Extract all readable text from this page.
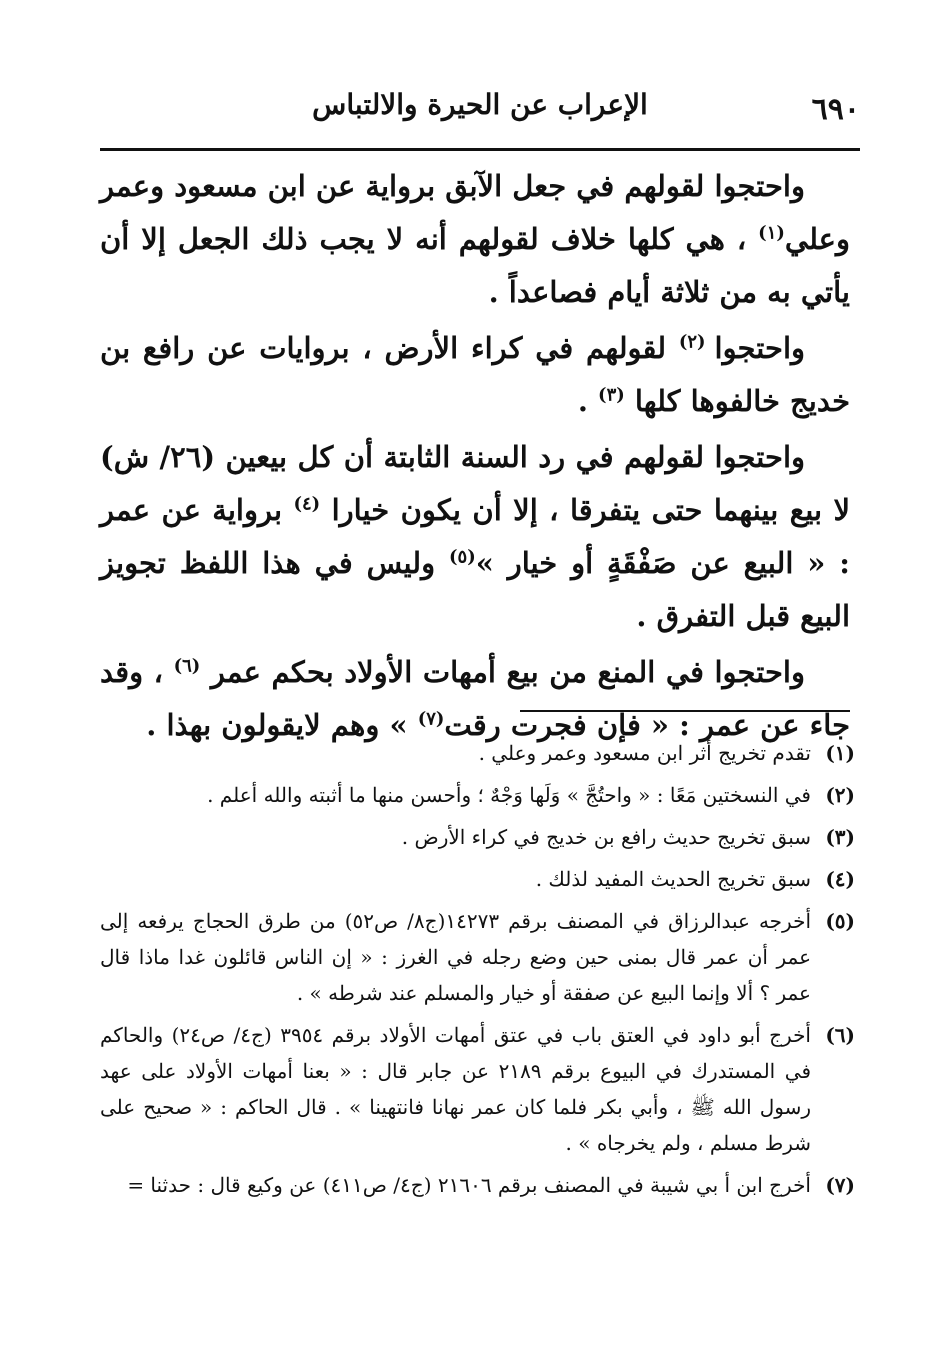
٦٩٠
الإعراب عن الحيرة والالتباس

واحتجوا لقولهم في جعل الآبق برواية عن ابن مسعود وعمر وعلي$^{(١)}$ ، هي كلها خلاف لقولهم أنه لا يجب ذلك الجعل إلا أن يأتي به من ثلاثة أيام فصاعداً .

واحتجوا $^{(٢)}$ لقولهم في كراء الأرض ، بروايات عن رافع بن خديج خالفوها كلها $^{(٣)}$ .

واحتجوا لقولهم في رد السنة الثابتة أن كل بيعين (٢٦/ ش) لا بيع بينهما حتى يتفرقا ، إلا أن يكون خيارا $^{(٤)}$ برواية عن عمر : « البيع عن صَفْقَةٍ أو خيار »$^{(٥)}$ وليس في هذا اللفظ تجويز البيع قبل التفرق .

واحتجوا في المنع من بيع أمهات الأولاد بحكم عمر $^{(٦)}$ ، وقد جاء عن عمر : « فإن فجرت رقت$^{(٧)}$ » وهم لايقولون بهذا .

(١)
تقدم تخريج أثر ابن مسعود وعمر وعلي .
(٢)
في النسختين مَعًا : « واحتُجَّ » وَلَها وَجْهٌ ؛ وأحسن منها ما أثبته والله أعلم .
(٣)
سبق تخريج حديث رافع بن خديج في كراء الأرض .
(٤)
سبق تخريج الحديث المفيد لذلك .
(٥)
أخرجه عبدالرزاق في المصنف برقم ١٤٢٧٣(ج٨/ ص٥٢) من طرق الحجاج يرفعه إلى عمر أن عمر قال بمنى حين وضع رجله في الغرز : « إن الناس قائلون غدا ماذا قال عمر ؟ ألا وإنما البيع عن صفقة أو خيار والمسلم عند شرطه » .
(٦)
أخرج أبو داود في العتق باب في عتق أمهات الأولاد برقم ٣٩٥٤ (ج٤/ ص٢٤) والحاكم في المستدرك في البيوع برقم ٢١٨٩ عن جابر قال : « بعنا أمهات الأولاد على عهد رسول الله ﷺ ، وأبي بكر فلما كان عمر نهانا فانتهينا » . قال الحاكم : « صحيح على شرط مسلم ، ولم يخرجاه » .
(٧)
أخرج ابن أ بي شيبة في المصنف برقم ٢١٦٠٦ (ج٤/ ص٤١١) عن وكيع قال : حدثنا =
